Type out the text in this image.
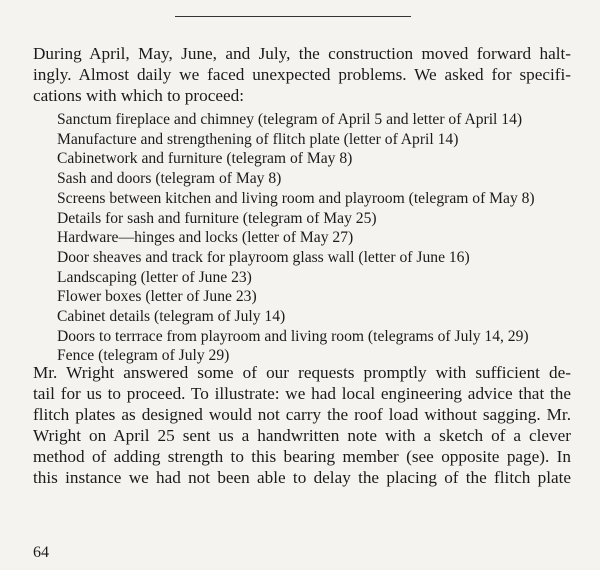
During April, May, June, and July, the construction moved forward halt-
ingly. Almost daily we faced unexpected problems. We asked for specifi-
cations with which to proceed:

Sanctum fireplace and chimney (telegram of April 5 and letter of April 14)
Manufacture and strengthening of flitch plate (letter of April 14)
Cabinetwork and furniture (telegram of May 8)
Sash and doors (telegram of May 8)
Screens between kitchen and living room and playroom (telegram of May 8)
Details for sash and furniture (telegram of May 25)
Hardware—hinges and locks (letter of May 27)
Door sheaves and track for playroom glass wall (letter of June 16)
Landscaping (letter of June 23)
Flower boxes (letter of June 23)
Cabinet details (telegram of July 14)
Doors to terrrace from playroom and living room (telegrams of July 14, 29)
Fence (telegram of July 29)

Mr. Wright answered some of our requests promptly with sufficient de-
tail for us to proceed. To illustrate: we had local engineering advice that the
flitch plates as designed would not carry the roof load without sagging. Mr.
Wright on April 25 sent us a handwritten note with a sketch of a clever
method of adding strength to this bearing member (see opposite page). In
this instance we had not been able to delay the placing of the flitch plate

64
